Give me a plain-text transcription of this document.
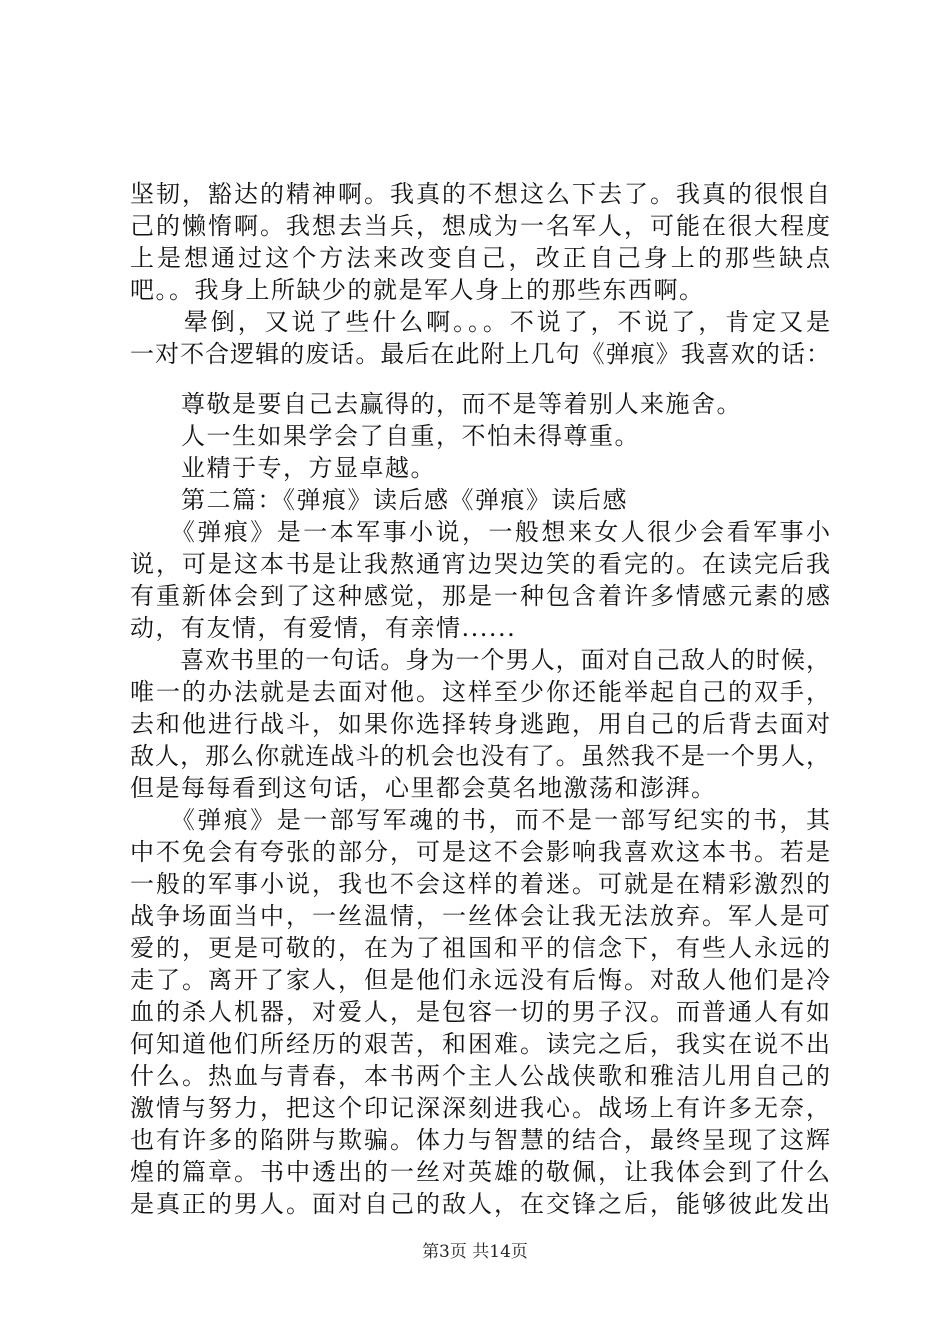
坚韧，豁达的精神啊。我真的不想这么下去了。我真的很恨自
己的懒惰啊。我想去当兵，想成为一名军人，可能在很大程度
上是想通过这个方法来改变自己，改正自己身上的那些缺点
吧。。我身上所缺少的就是军人身上的那些东西啊。
　　晕倒，又说了些什么啊。。。不说了，不说了，肯定又是
一对不合逻辑的废话。最后在此附上几句《弹痕》我喜欢的话：
　　尊敬是要自己去赢得的，而不是等着别人来施舍。
　　人一生如果学会了自重，不怕未得尊重。
　　业精于专，方显卓越。
　　第二篇：《弹痕》读后感《弹痕》读后感
　　《弹痕》是一本军事小说，一般想来女人很少会看军事小
说，可是这本书是让我熬通宵边哭边笑的看完的。在读完后我
有重新体会到了这种感觉，那是一种包含着许多情感元素的感
动，有友情，有爱情，有亲情......
　　喜欢书里的一句话。身为一个男人，面对自己敌人的时候，
唯一的办法就是去面对他。这样至少你还能举起自己的双手，
去和他进行战斗，如果你选择转身逃跑，用自己的后背去面对
敌人，那么你就连战斗的机会也没有了。虽然我不是一个男人，
但是每每看到这句话，心里都会莫名地激荡和澎湃。
　　《弹痕》是一部写军魂的书，而不是一部写纪实的书，其
中不免会有夸张的部分，可是这不会影响我喜欢这本书。若是
一般的军事小说，我也不会这样的着迷。可就是在精彩激烈的
战争场面当中，一丝温情，一丝体会让我无法放弃。军人是可
爱的，更是可敬的，在为了祖国和平的信念下，有些人永远的
走了。离开了家人，但是他们永远没有后悔。对敌人他们是冷
血的杀人机器，对爱人，是包容一切的男子汉。而普通人有如
何知道他们所经历的艰苦，和困难。读完之后，我实在说不出
什么。热血与青春，本书两个主人公战侠歌和雅洁儿用自己的
激情与努力，把这个印记深深刻进我心。战场上有许多无奈，
也有许多的陷阱与欺骗。体力与智慧的结合，最终呈现了这辉
煌的篇章。书中透出的一丝对英雄的敬佩，让我体会到了什么
是真正的男人。面对自己的敌人，在交锋之后，能够彼此发出
第3页 共14页
